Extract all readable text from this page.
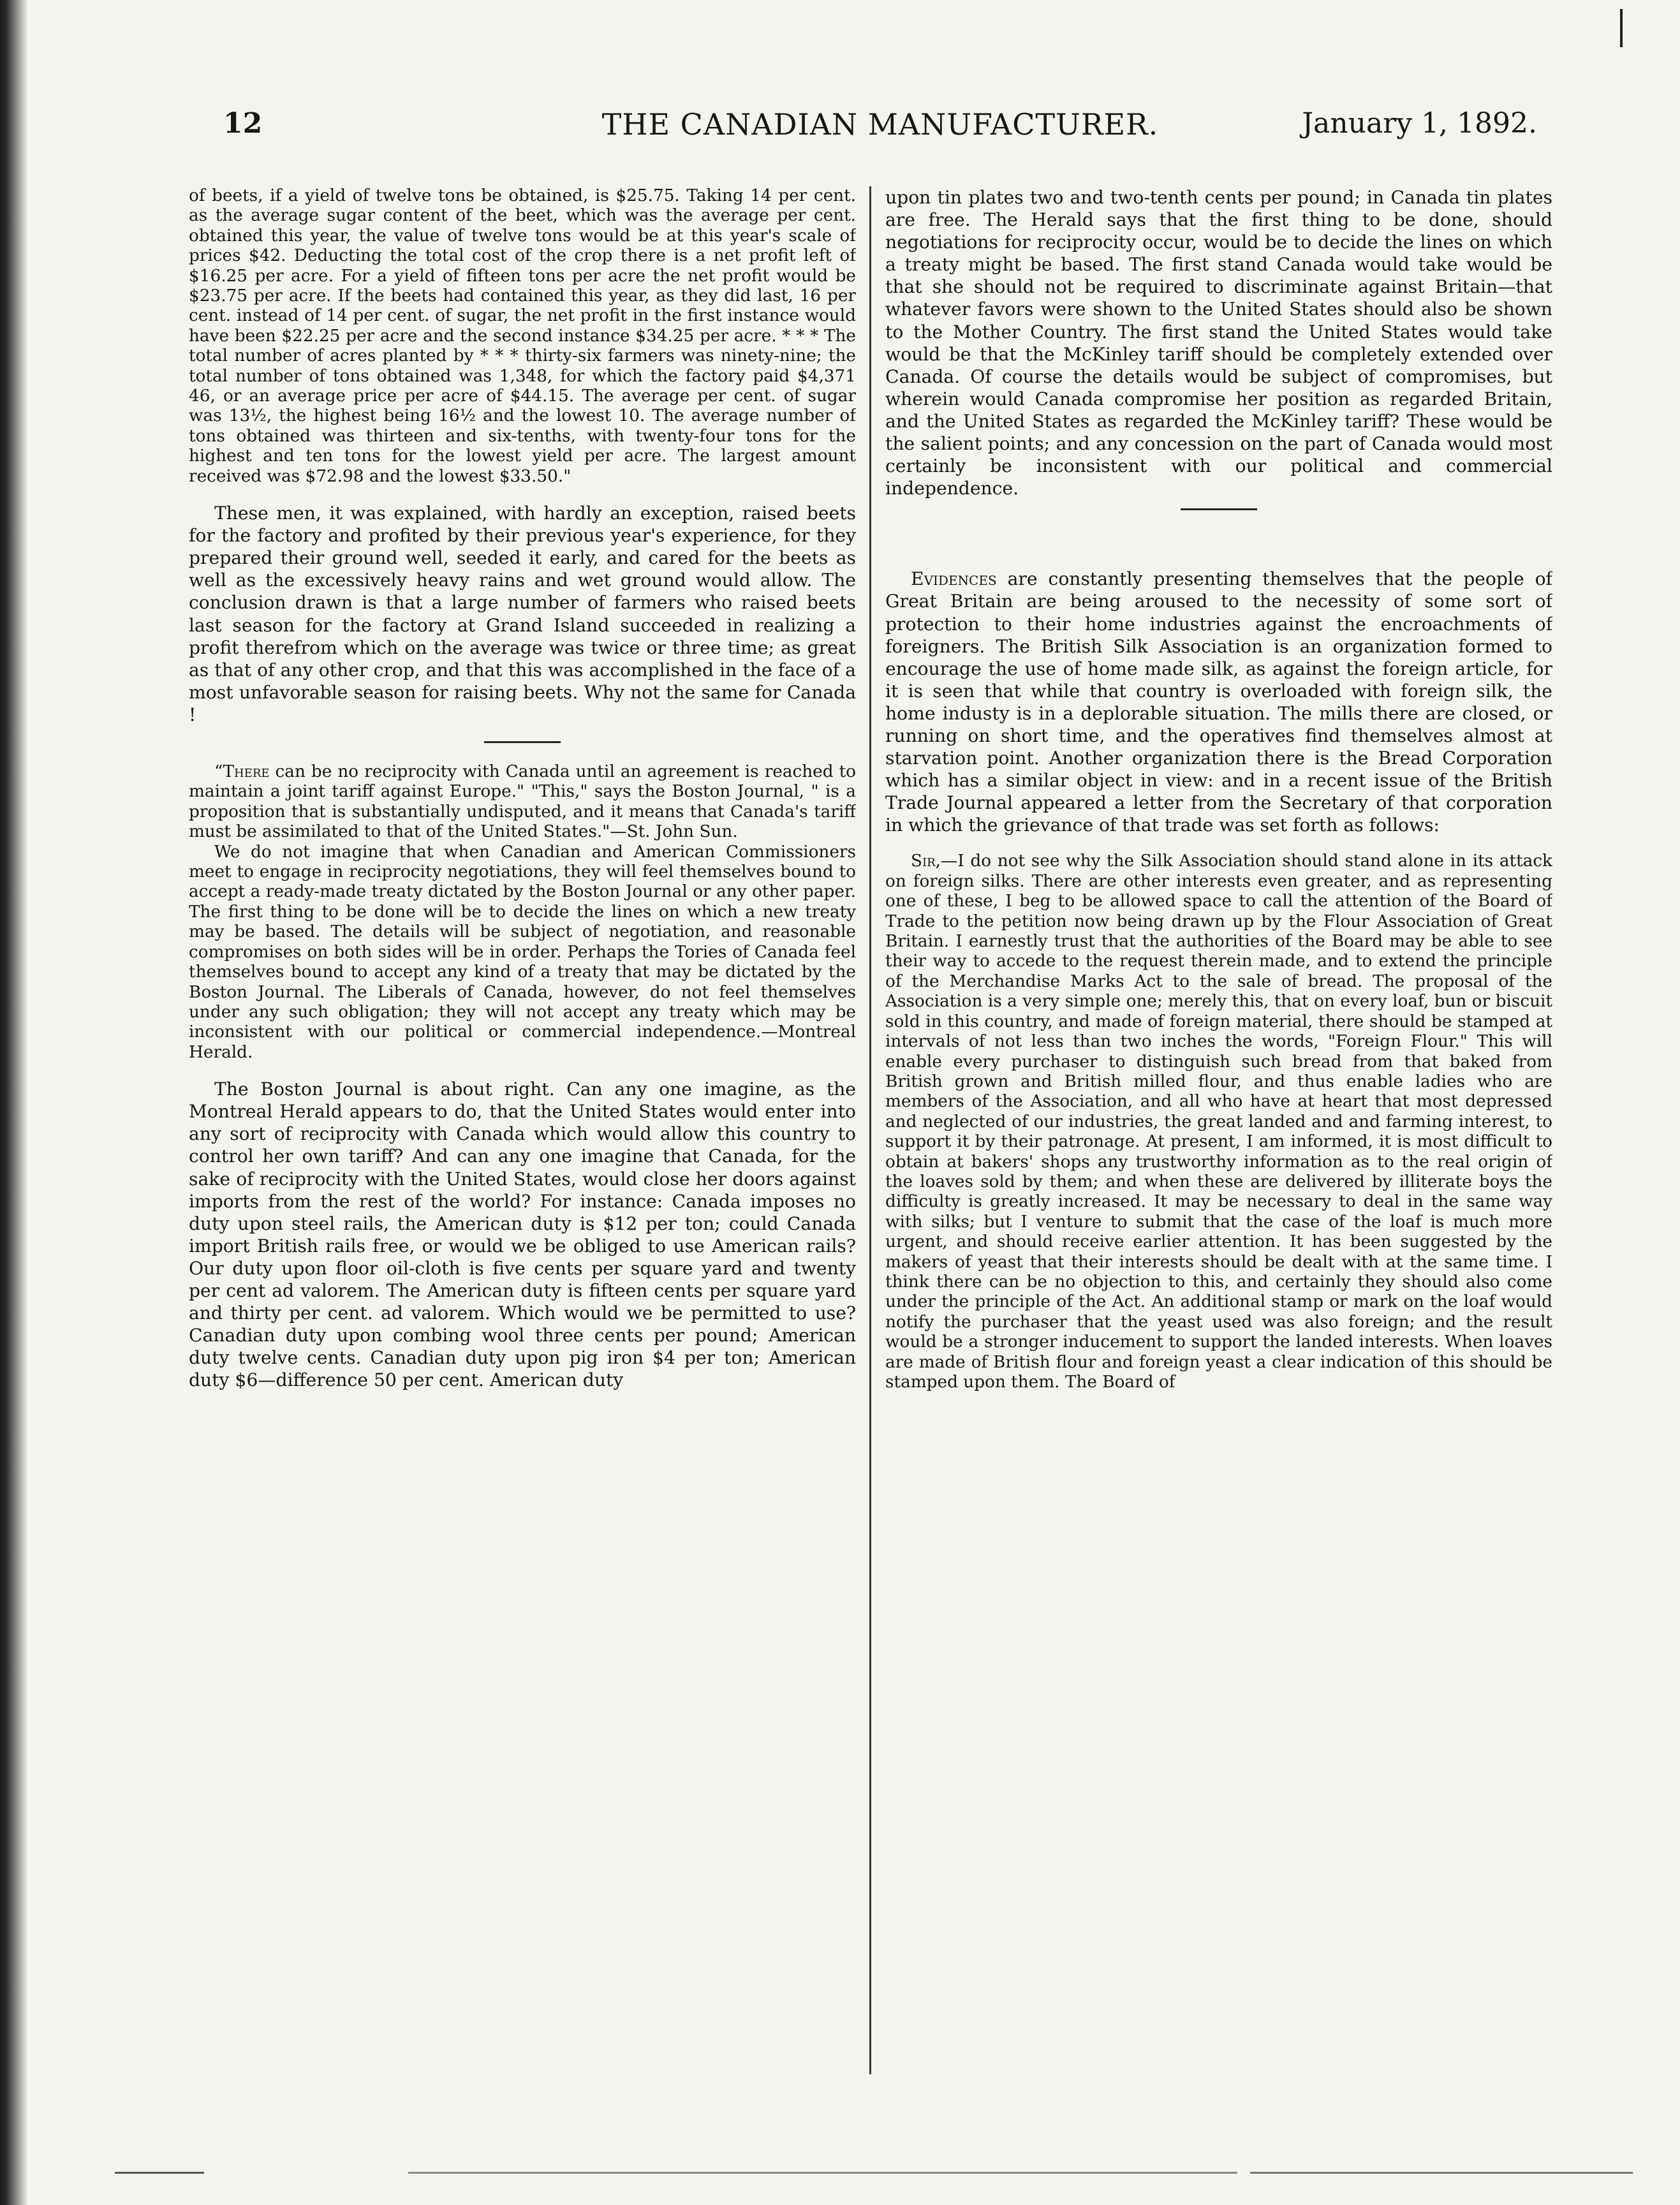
12	THE CANADIAN MANUFACTURER.	January 1, 1892.

of beets, if a yield of twelve tons be obtained, is $25.75. Taking 14 per cent. as the average sugar content of the beet, which was the average per cent. obtained this year, the value of twelve tons would be at this year's scale of prices $42. Deducting the total cost of the crop there is a net profit left of $16.25 per acre. For a yield of fifteen tons per acre the net profit would be $23.75 per acre. If the beets had contained this year, as they did last, 16 per cent. instead of 14 per cent. of sugar, the net profit in the first instance would have been $22.25 per acre and the second instance $34.25 per acre. * * * The total number of acres planted by * * * thirty-six farmers was ninety-nine; the total number of tons obtained was 1,348, for which the factory paid $4,371 46, or an average price per acre of $44.15. The average per cent. of sugar was 13½, the highest being 16½ and the lowest 10. The average number of tons obtained was thirteen and six-tenths, with twenty-four tons for the highest and ten tons for the lowest yield per acre. The largest amount received was $72.98 and the lowest $33.50."

These men, it was explained, with hardly an exception, raised beets for the factory and profited by their previous year's experience, for they prepared their ground well, seeded it early, and cared for the beets as well as the excessively heavy rains and wet ground would allow. The conclusion drawn is that a large number of farmers who raised beets last season for the factory at Grand Island succeeded in realizing a profit therefrom which on the average was twice or three time; as great as that of any other crop, and that this was accomplished in the face of a most unfavorable season for raising beets. Why not the same for Canada !

“There can be no reciprocity with Canada until an agreement is reached to maintain a joint tariff against Europe." "This," says the Boston Journal, " is a proposition that is substantially undisputed, and it means that Canada's tariff must be assimilated to that of the United States."—St. John Sun.

We do not imagine that when Canadian and American Commissioners meet to engage in reciprocity negotiations, they will feel themselves bound to accept a ready-made treaty dictated by the Boston Journal or any other paper. The first thing to be done will be to decide the lines on which a new treaty may be based. The details will be subject of negotiation, and reasonable compromises on both sides will be in order. Perhaps the Tories of Canada feel themselves bound to accept any kind of a treaty that may be dictated by the Boston Journal. The Liberals of Canada, however, do not feel themselves under any such obligation; they will not accept any treaty which may be inconsistent with our political or commercial independence.—Montreal Herald.

The Boston Journal is about right. Can any one imagine, as the Montreal Herald appears to do, that the United States would enter into any sort of reciprocity with Canada which would allow this country to control her own tariff? And can any one imagine that Canada, for the sake of reciprocity with the United States, would close her doors against imports from the rest of the world? For instance: Canada imposes no duty upon steel rails, the American duty is $12 per ton; could Canada import British rails free, or would we be obliged to use American rails? Our duty upon floor oil-cloth is five cents per square yard and twenty per cent ad valorem. The American duty is fifteen cents per square yard and thirty per cent. ad valorem. Which would we be permitted to use? Canadian duty upon combing wool three cents per pound; American duty twelve cents. Canadian duty upon pig iron $4 per ton; American duty $6—difference 50 per cent. American duty

upon tin plates two and two-tenth cents per pound; in Canada tin plates are free. The Herald says that the first thing to be done, should negotiations for reciprocity occur, would be to decide the lines on which a treaty might be based. The first stand Canada would take would be that she should not be required to discriminate against Britain—that whatever favors were shown to the United States should also be shown to the Mother Country. The first stand the United States would take would be that the McKinley tariff should be completely extended over Canada. Of course the details would be subject of compromises, but wherein would Canada compromise her position as regarded Britain, and the United States as regarded the McKinley tariff? These would be the salient points; and any concession on the part of Canada would most certainly be inconsistent with our political and commercial independence.

Evidences are constantly presenting themselves that the people of Great Britain are being aroused to the necessity of some sort of protection to their home industries against the encroachments of foreigners. The British Silk Association is an organization formed to encourage the use of home made silk, as against the foreign article, for it is seen that while that country is overloaded with foreign silk, the home industy is in a deplorable situation. The mills there are closed, or running on short time, and the operatives find themselves almost at starvation point. Another organization there is the Bread Corporation which has a similar object in view: and in a recent issue of the British Trade Journal appeared a letter from the Secretary of that corporation in which the grievance of that trade was set forth as follows:

Sir,—I do not see why the Silk Association should stand alone in its attack on foreign silks. There are other interests even greater, and as representing one of these, I beg to be allowed space to call the attention of the Board of Trade to the petition now being drawn up by the Flour Association of Great Britain. I earnestly trust that the authorities of the Board may be able to see their way to accede to the request therein made, and to extend the principle of the Merchandise Marks Act to the sale of bread. The proposal of the Association is a very simple one; merely this, that on every loaf, bun or biscuit sold in this country, and made of foreign material, there should be stamped at intervals of not less than two inches the words, "Foreign Flour." This will enable every purchaser to distinguish such bread from that baked from British grown and British milled flour, and thus enable ladies who are members of the Association, and all who have at heart that most depressed and neglected of our industries, the great landed and and farming interest, to support it by their patronage. At present, I am informed, it is most difficult to obtain at bakers' shops any trustworthy information as to the real origin of the loaves sold by them; and when these are delivered by illiterate boys the difficulty is greatly increased. It may be necessary to deal in the same way with silks; but I venture to submit that the case of the loaf is much more urgent, and should receive earlier attention. It has been suggested by the makers of yeast that their interests should be dealt with at the same time. I think there can be no objection to this, and certainly they should also come under the principle of the Act. An additional stamp or mark on the loaf would notify the purchaser that the yeast used was also foreign; and the result would be a stronger inducement to support the landed interests. When loaves are made of British flour and foreign yeast a clear indication of this should be stamped upon them. The Board of
